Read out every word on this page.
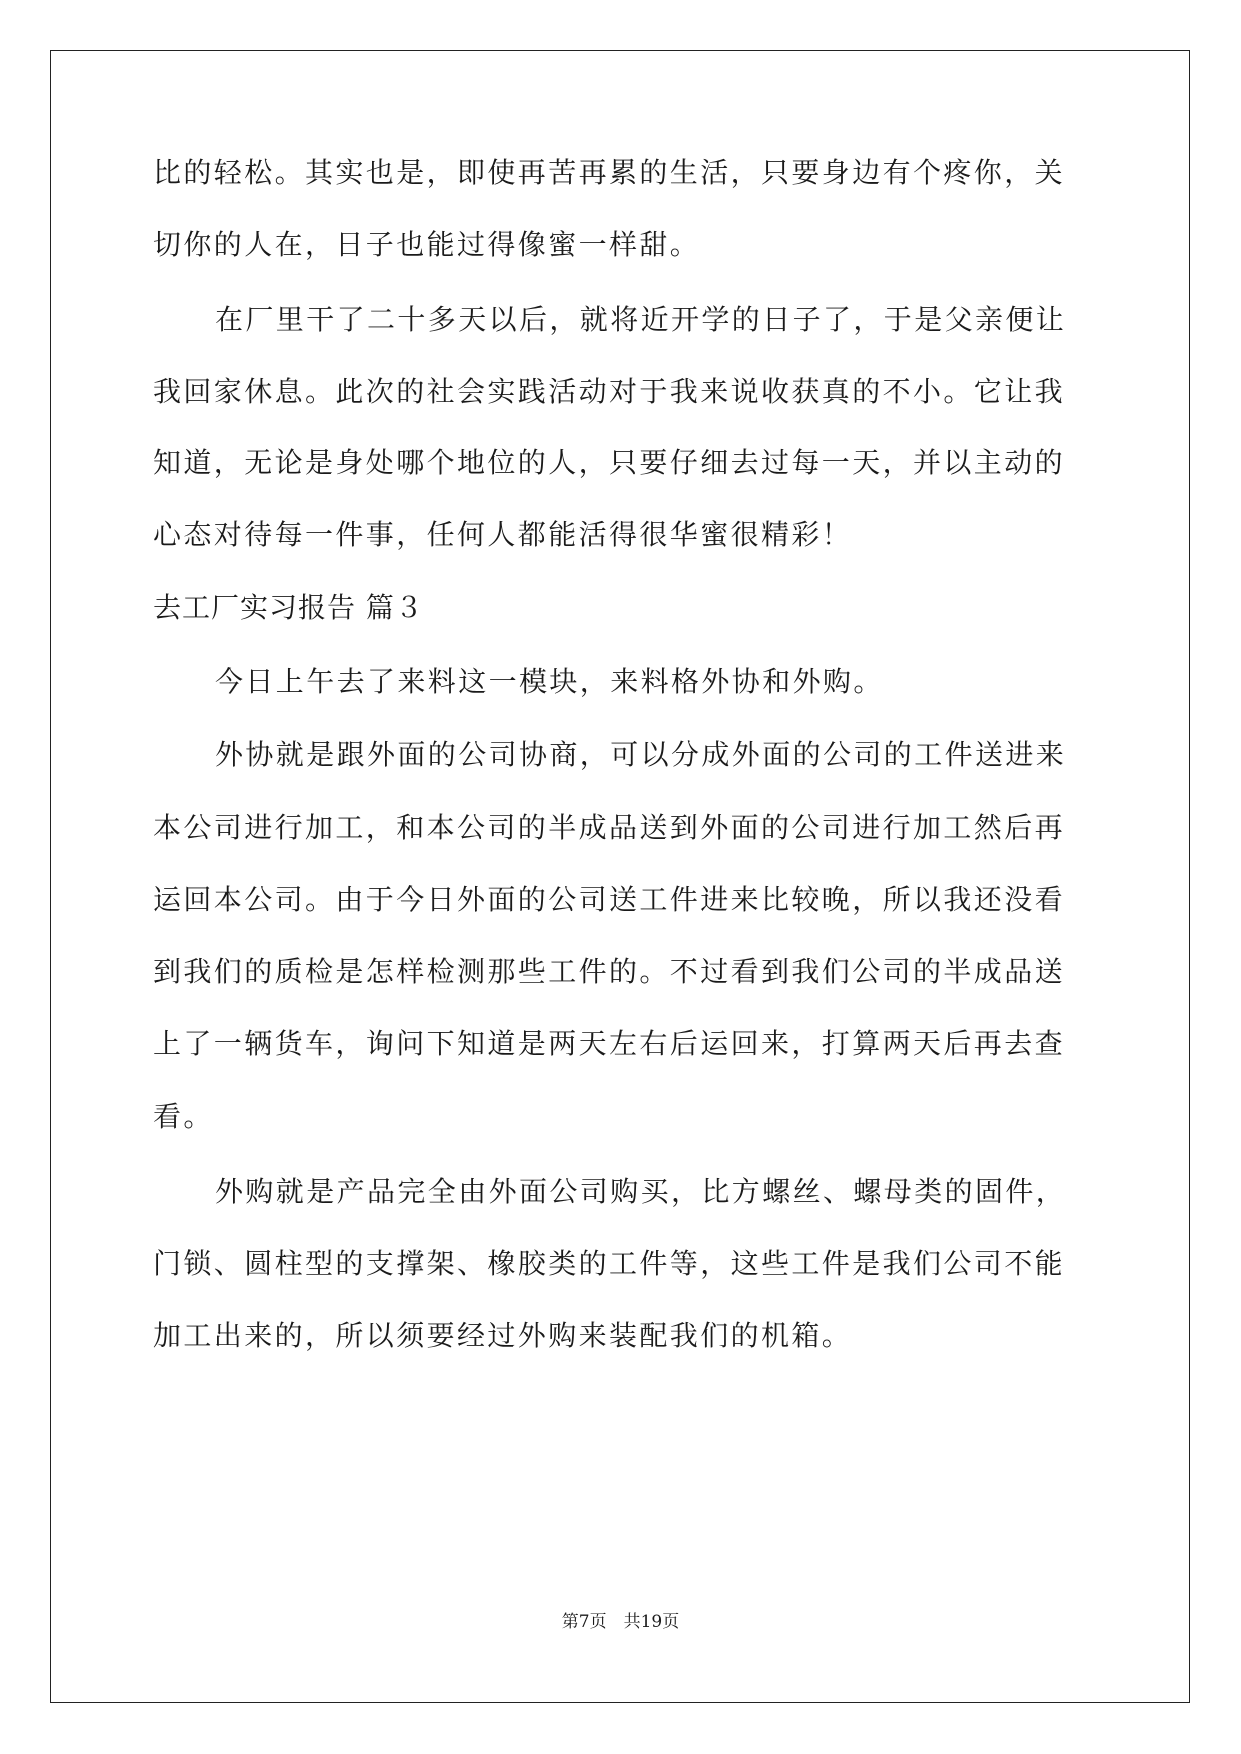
比的轻松。其实也是，即使再苦再累的生活，只要身边有个疼你，关
切你的人在，日子也能过得像蜜一样甜。
在厂里干了二十多天以后，就将近开学的日子了，于是父亲便让
我回家休息。此次的社会实践活动对于我来说收获真的不小。它让我
知道，无论是身处哪个地位的人，只要仔细去过每一天，并以主动的
心态对待每一件事，任何人都能活得很华蜜很精彩！
去工厂实习报告 篇３
今日上午去了来料这一模块，来料格外协和外购。
外协就是跟外面的公司协商，可以分成外面的公司的工件送进来
本公司进行加工，和本公司的半成品送到外面的公司进行加工然后再
运回本公司。由于今日外面的公司送工件进来比较晚，所以我还没看
到我们的质检是怎样检测那些工件的。不过看到我们公司的半成品送
上了一辆货车，询问下知道是两天左右后运回来，打算两天后再去查
看。
外购就是产品完全由外面公司购买，比方螺丝、螺母类的固件，
门锁、圆柱型的支撑架、橡胶类的工件等，这些工件是我们公司不能
加工出来的，所以须要经过外购来装配我们的机箱。
第7页　共19页
